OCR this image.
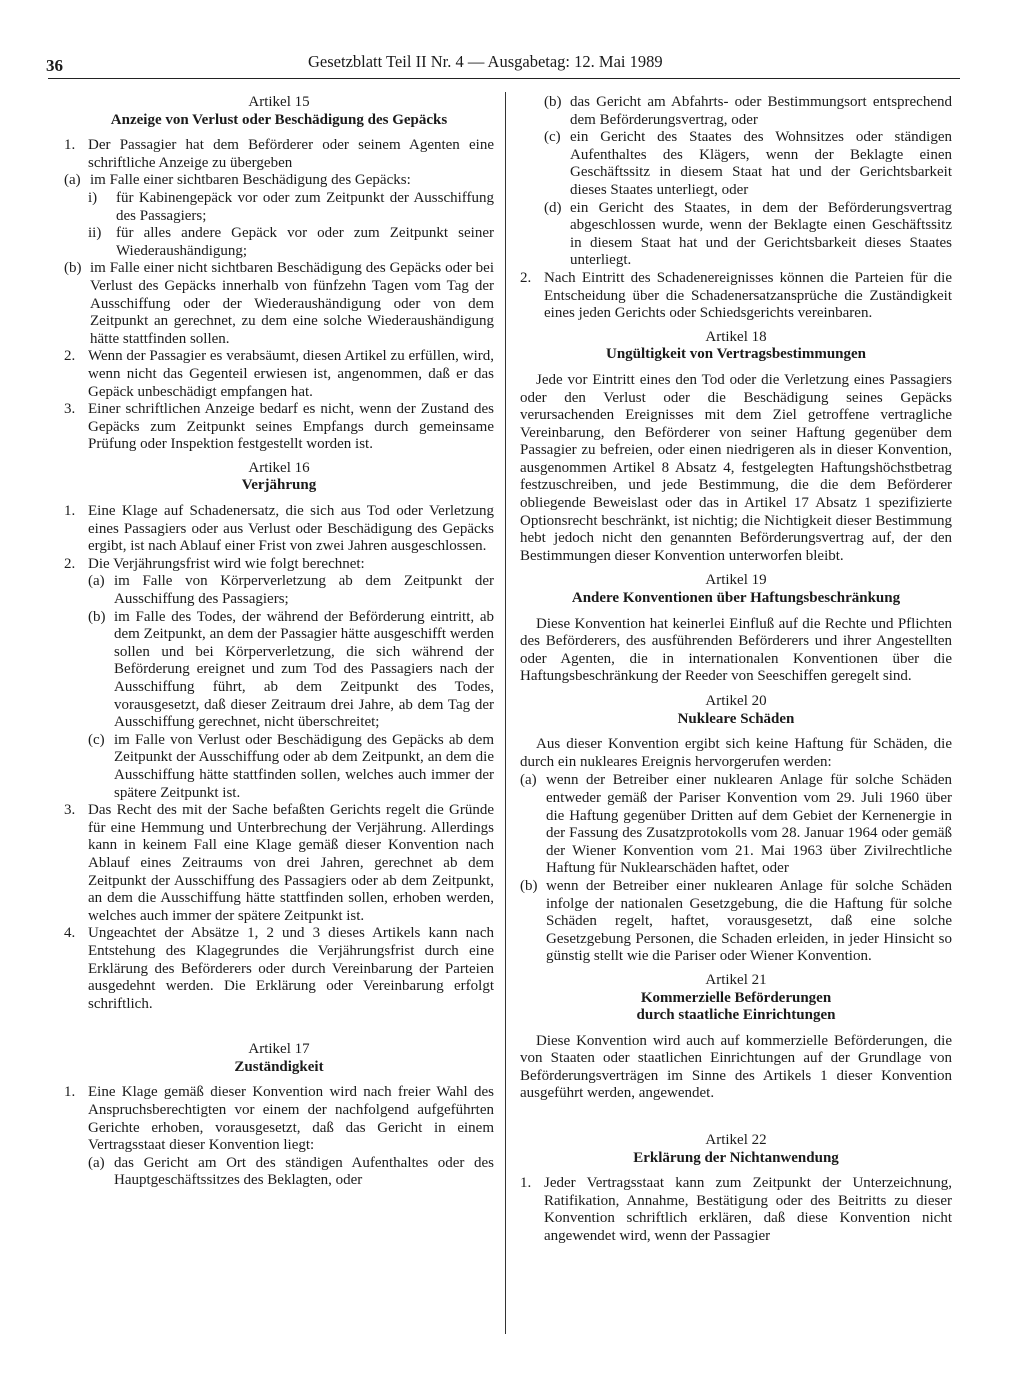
36	Gesetzblatt Teil II Nr. 4 — Ausgabetag: 12. Mai 1989

Artikel 15

Anzeige von Verlust oder Beschädigung des Gepäcks

1. Der Passagier hat dem Beförderer oder seinem Agenten eine schriftliche Anzeige zu übergeben
(a) im Falle einer sichtbaren Beschädigung des Gepäcks:
i) für Kabinengepäck vor oder zum Zeitpunkt der Ausschiffung des Passagiers;
ii) für alles andere Gepäck vor oder zum Zeitpunkt seiner Wiederaushändigung;
(b) im Falle einer nicht sichtbaren Beschädigung des Gepäcks oder bei Verlust des Gepäcks innerhalb von fünfzehn Tagen vom Tag der Ausschiffung oder der Wiederaushändigung oder von dem Zeitpunkt an gerechnet, zu dem eine solche Wiederaushändigung hätte stattfinden sollen.
2. Wenn der Passagier es verabsäumt, diesen Artikel zu erfüllen, wird, wenn nicht das Gegenteil erwiesen ist, angenommen, daß er das Gepäck unbeschädigt empfangen hat.
3. Einer schriftlichen Anzeige bedarf es nicht, wenn der Zustand des Gepäcks zum Zeitpunkt seines Empfangs durch gemeinsame Prüfung oder Inspektion festgestellt worden ist.

Artikel 16

Verjährung

1. Eine Klage auf Schadenersatz, die sich aus Tod oder Verletzung eines Passagiers oder aus Verlust oder Beschädigung des Gepäcks ergibt, ist nach Ablauf einer Frist von zwei Jahren ausgeschlossen.
2. Die Verjährungsfrist wird wie folgt berechnet:
(a) im Falle von Körperverletzung ab dem Zeitpunkt der Ausschiffung des Passagiers;
(b) im Falle des Todes, der während der Beförderung eintritt, ab dem Zeitpunkt, an dem der Passagier hätte ausgeschifft werden sollen und bei Körperverletzung, die sich während der Beförderung ereignet und zum Tod des Passagiers nach der Ausschiffung führt, ab dem Zeitpunkt des Todes, vorausgesetzt, daß dieser Zeitraum drei Jahre, ab dem Tag der Ausschiffung gerechnet, nicht überschreitet;
(c) im Falle von Verlust oder Beschädigung des Gepäcks ab dem Zeitpunkt der Ausschiffung oder ab dem Zeitpunkt, an dem die Ausschiffung hätte stattfinden sollen, welches auch immer der spätere Zeitpunkt ist.
3. Das Recht des mit der Sache befaßten Gerichts regelt die Gründe für eine Hemmung und Unterbrechung der Verjährung. Allerdings kann in keinem Fall eine Klage gemäß dieser Konvention nach Ablauf eines Zeitraums von drei Jahren, gerechnet ab dem Zeitpunkt der Ausschiffung des Passagiers oder ab dem Zeitpunkt, an dem die Ausschiffung hätte stattfinden sollen, erhoben werden, welches auch immer der spätere Zeitpunkt ist.
4. Ungeachtet der Absätze 1, 2 und 3 dieses Artikels kann nach Entstehung des Klagegrundes die Verjährungsfrist durch eine Erklärung des Beförderers oder durch Vereinbarung der Parteien ausgedehnt werden. Die Erklärung oder Vereinbarung erfolgt schriftlich.

Artikel 17

Zuständigkeit

1. Eine Klage gemäß dieser Konvention wird nach freier Wahl des Anspruchsberechtigten vor einem der nachfolgend aufgeführten Gerichte erhoben, vorausgesetzt, daß das Gericht in einem Vertragsstaat dieser Konvention liegt:
(a) das Gericht am Ort des ständigen Aufenthaltes oder des Hauptgeschäftssitzes des Beklagten, oder
(b) das Gericht am Abfahrts- oder Bestimmungsort entsprechend dem Beförderungsvertrag, oder
(c) ein Gericht des Staates des Wohnsitzes oder ständigen Aufenthaltes des Klägers, wenn der Beklagte einen Geschäftssitz in diesem Staat hat und der Gerichtsbarkeit dieses Staates unterliegt, oder
(d) ein Gericht des Staates, in dem der Beförderungsvertrag abgeschlossen wurde, wenn der Beklagte einen Geschäftssitz in diesem Staat hat und der Gerichtsbarkeit dieses Staates unterliegt.
2. Nach Eintritt des Schadenereignisses können die Parteien für die Entscheidung über die Schadenersatzansprüche die Zuständigkeit eines jeden Gerichts oder Schiedsgerichts vereinbaren.

Artikel 18

Ungültigkeit von Vertragsbestimmungen

Jede vor Eintritt eines den Tod oder die Verletzung eines Passagiers oder den Verlust oder die Beschädigung seines Gepäcks verursachenden Ereignisses mit dem Ziel getroffene vertragliche Vereinbarung, den Beförderer von seiner Haftung gegenüber dem Passagier zu befreien, oder einen niedrigeren als in dieser Konvention, ausgenommen Artikel 8 Absatz 4, festgelegten Haftungshöchstbetrag festzuschreiben, und jede Bestimmung, die die dem Beförderer obliegende Beweislast oder das in Artikel 17 Absatz 1 spezifizierte Optionsrecht beschränkt, ist nichtig; die Nichtigkeit dieser Bestimmung hebt jedoch nicht den genannten Beförderungsvertrag auf, der den Bestimmungen dieser Konvention unterworfen bleibt.

Artikel 19

Andere Konventionen über Haftungsbeschränkung

Diese Konvention hat keinerlei Einfluß auf die Rechte und Pflichten des Beförderers, des ausführenden Beförderers und ihrer Angestellten oder Agenten, die in internationalen Konventionen über die Haftungsbeschränkung der Reeder von Seeschiffen geregelt sind.

Artikel 20

Nukleare Schäden

Aus dieser Konvention ergibt sich keine Haftung für Schäden, die durch ein nukleares Ereignis hervorgerufen werden:

(a) wenn der Betreiber einer nuklearen Anlage für solche Schäden entweder gemäß der Pariser Konvention vom 29. Juli 1960 über die Haftung gegenüber Dritten auf dem Gebiet der Kernenergie in der Fassung des Zusatzprotokolls vom 28. Januar 1964 oder gemäß der Wiener Konvention vom 21. Mai 1963 über Zivilrechtliche Haftung für Nuklearschäden haftet, oder
(b) wenn der Betreiber einer nuklearen Anlage für solche Schäden infolge der nationalen Gesetzgebung, die die Haftung für solche Schäden regelt, haftet, vorausgesetzt, daß eine solche Gesetzgebung Personen, die Schaden erleiden, in jeder Hinsicht so günstig stellt wie die Pariser oder Wiener Konvention.

Artikel 21

Kommerzielle Beförderungen

durch staatliche Einrichtungen

Diese Konvention wird auch auf kommerzielle Beförderungen, die von Staaten oder staatlichen Einrichtungen auf der Grundlage von Beförderungsverträgen im Sinne des Artikels 1 dieser Konvention ausgeführt werden, angewendet.

Artikel 22

Erklärung der Nichtanwendung

1. Jeder Vertragsstaat kann zum Zeitpunkt der Unterzeichnung, Ratifikation, Annahme, Bestätigung oder des Beitritts zu dieser Konvention schriftlich erklären, daß diese Konvention nicht angewendet wird, wenn der Passagier
